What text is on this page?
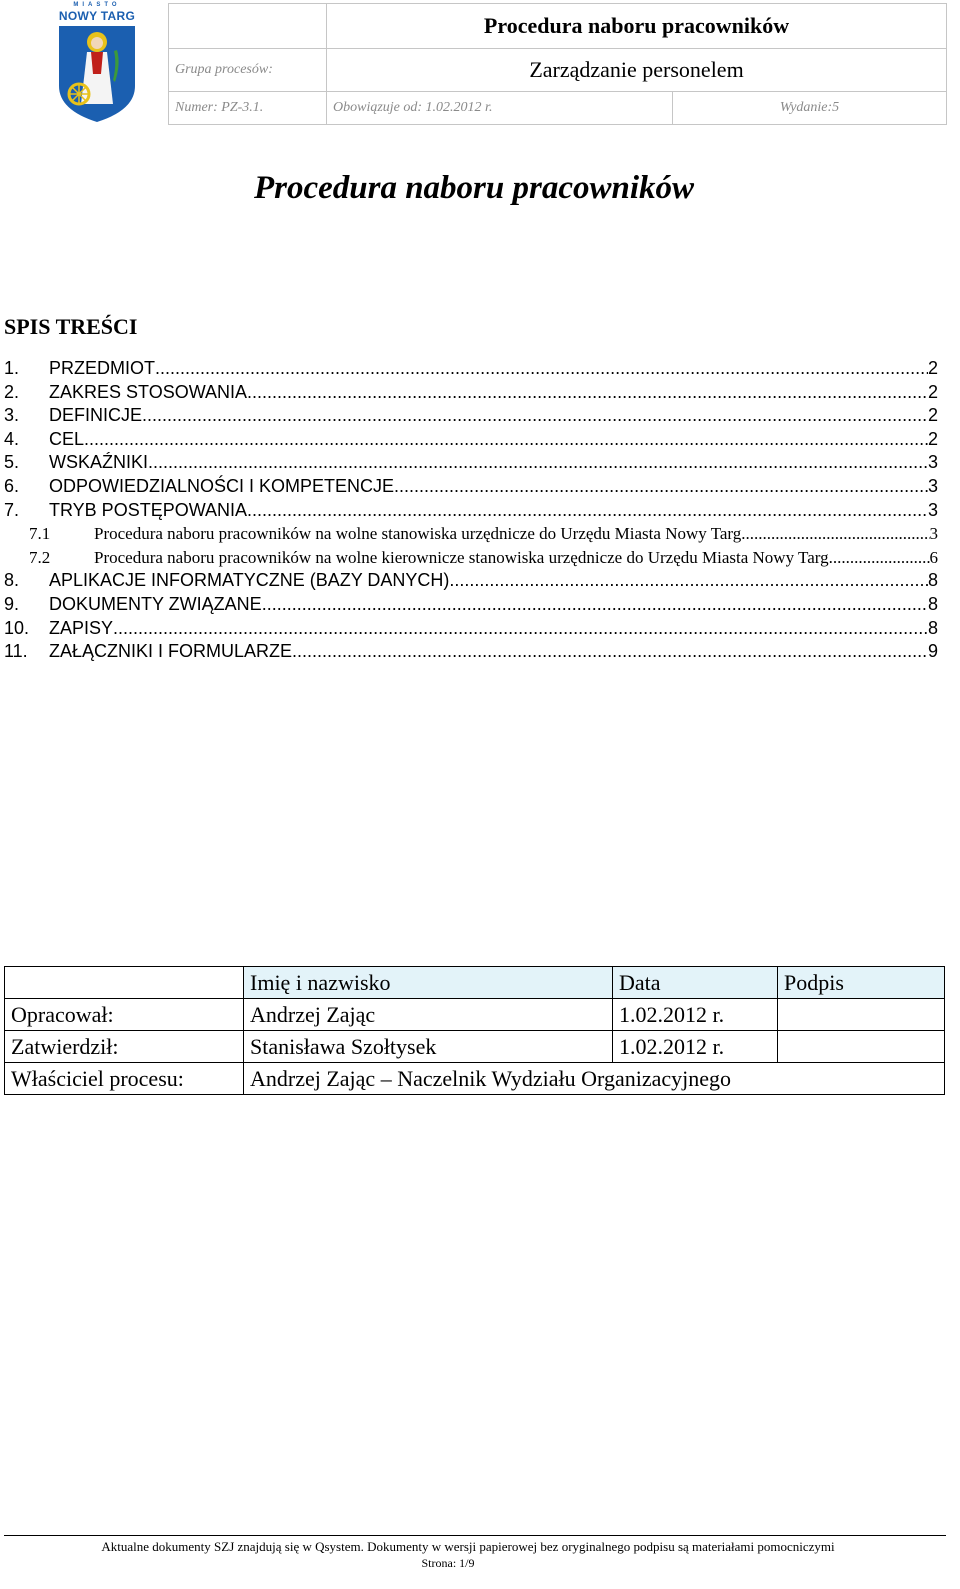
MIASTO
NOWY TARG
		Procedura naboru pracowników	
Grupa procesów:	Zarządzanie personelem	
Numer: PZ-3.1.	Obowiązuje od: 1.02.2012 r.	Wydanie:5
Procedura naboru pracowników
SPIS TREŚCI
1.	PRZEDMIOT .....	2
2.	ZAKRES STOSOWANIA .....	2
3.	DEFINICJE .....	2
4.	CEL .....	2
5.	WSKAŹNIKI .....	3
6.	ODPOWIEDZIALNOŚCI I KOMPETENCJE .....	3
7.	TRYB POSTĘPOWANIA .....	3
7.1	Procedura naboru pracowników na wolne stanowiska urzędnicze do Urzędu Miasta Nowy Targ. .....	3
7.2	Procedura naboru pracowników na wolne kierownicze stanowiska urzędnicze do Urzędu Miasta Nowy Targ. .....	6
8.	APLIKACJE INFORMATYCZNE (BAZY DANYCH) .....	8
9.	DOKUMENTY ZWIĄZANE .....	8
10.	ZAPISY .....	8
11.	ZAŁĄCZNIKI I FORMULARZE .....	9
	Imię i nazwisko	Data	Podpis
Opracował:	Andrzej Zając	1.02.2012 r.	
Zatwierdził:	Stanisława Szołtysek	1.02.2012 r.	
Właściciel procesu:	Andrzej Zając – Naczelnik Wydziału Organizacyjnego		
Aktualne dokumenty SZJ znajdują się w Qsystem. Dokumenty w wersji papierowej bez oryginalnego podpisu są materiałami pomocniczymi
Strona: 1/9
